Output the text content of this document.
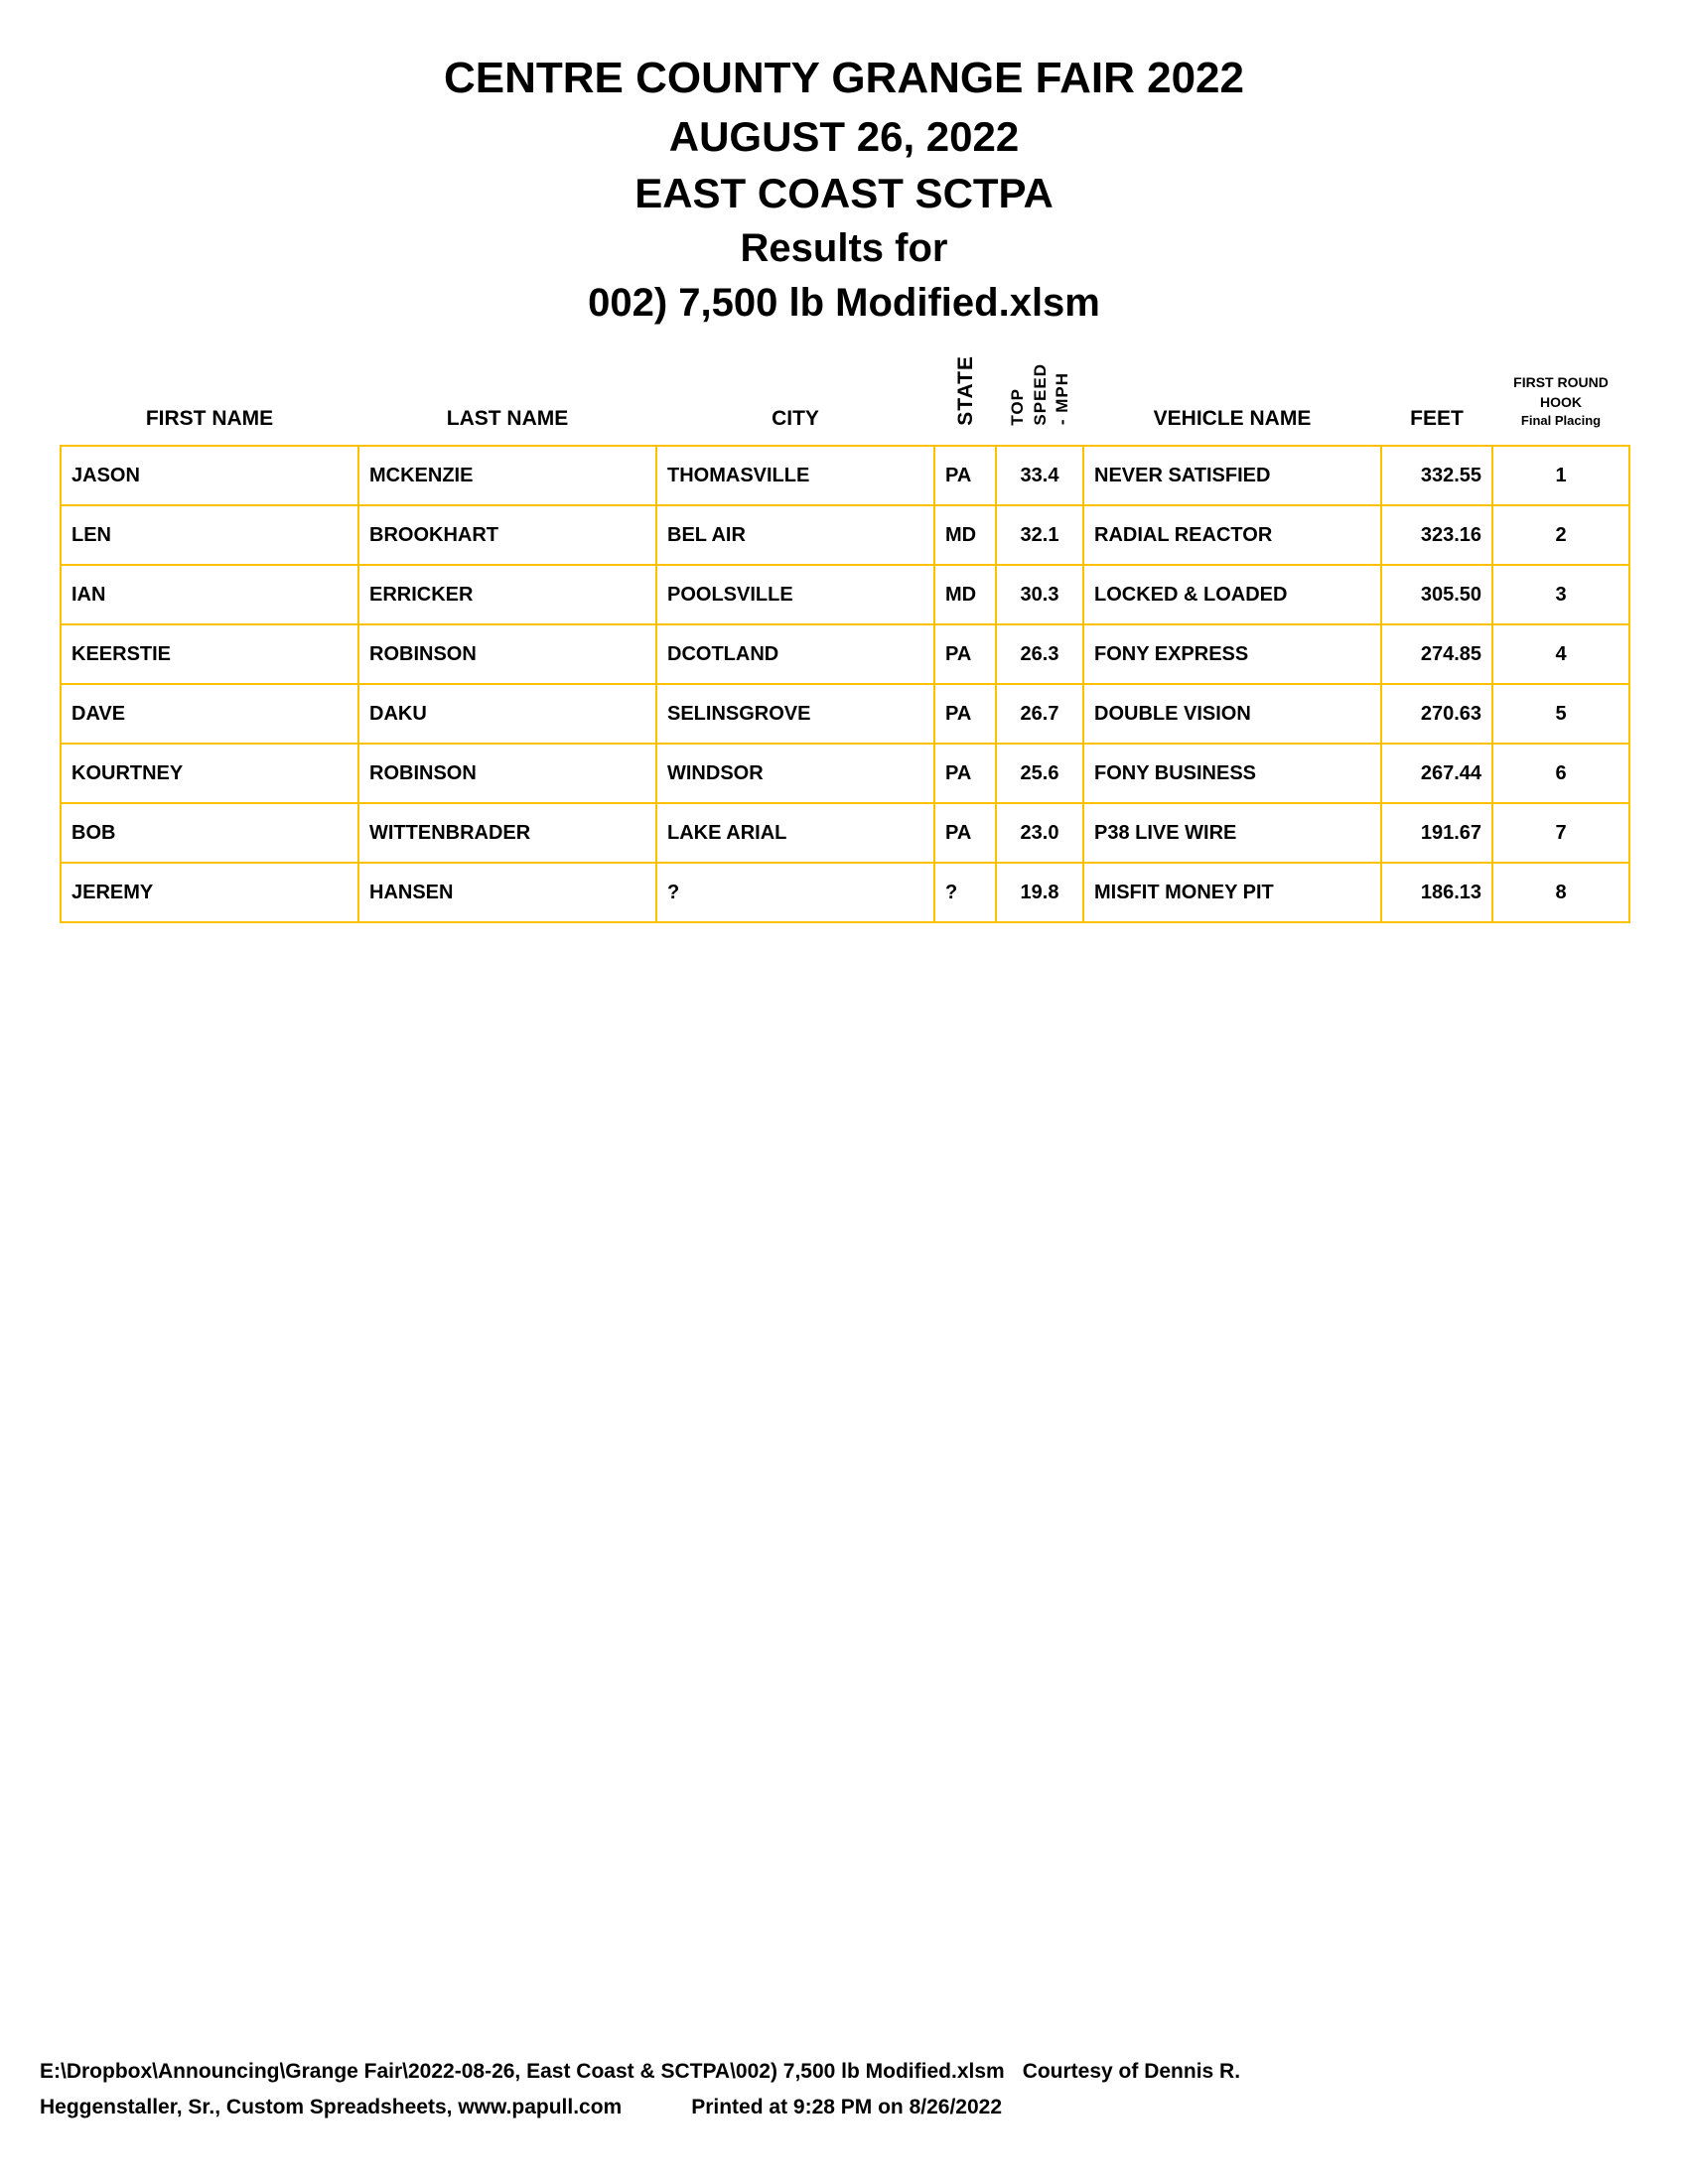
CENTRE COUNTY GRANGE FAIR 2022
AUGUST 26, 2022
EAST COAST SCTPA
Results for
002) 7,500 lb Modified.xlsm
FIRST NAME	LAST NAME	CITY	STATE	TOP SPEED - MPH	VEHICLE NAME	FEET	FIRST ROUND
HOOK
Final Placing

JASON	MCKENZIE	THOMASVILLE	PA	33.4	NEVER SATISFIED	332.55	1
LEN	BROOKHART	BEL AIR	MD	32.1	RADIAL REACTOR	323.16	2
IAN	ERRICKER	POOLSVILLE	MD	30.3	LOCKED & LOADED	305.50	3
KEERSTIE	ROBINSON	DCOTLAND	PA	26.3	FONY EXPRESS	274.85	4
DAVE	DAKU	SELINSGROVE	PA	26.7	DOUBLE VISION	270.63	5
KOURTNEY	ROBINSON	WINDSOR	PA	25.6	FONY BUSINESS	267.44	6
BOB	WITTENBRADER	LAKE ARIAL	PA	23.0	P38 LIVE WIRE	191.67	7
JEREMY	HANSEN	?	?	19.8	MISFIT MONEY PIT	186.13	8
E:\Dropbox\Announcing\Grange Fair\2022-08-26, East Coast & SCTPA\002) 7,500 lb Modified.xlsm Courtesy of Dennis R.
Heggenstaller, Sr., Custom Spreadsheets, www.papull.com	Printed at 9:28 PM on 8/26/2022
